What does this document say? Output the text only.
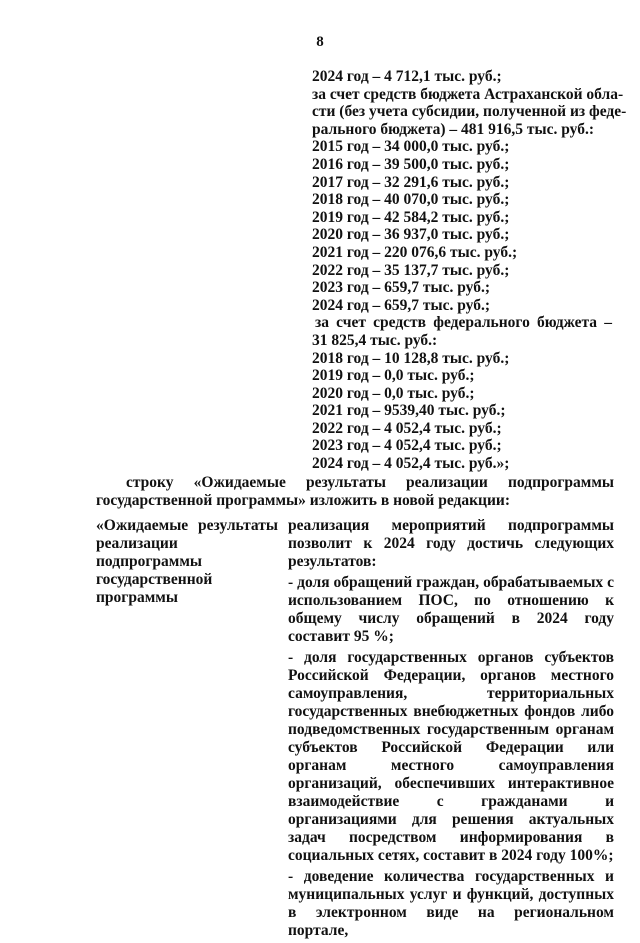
8
2024 год – 4 712,1 тыс. руб.;
за счет средств бюджета Астраханской обла-
сти (без учета субсидии, полученной из феде-
рального бюджета) – 481 916,5 тыс. руб.:
2015 год – 34 000,0 тыс. руб.;
2016 год – 39 500,0 тыс. руб.;
2017 год – 32 291,6 тыс. руб.;
2018 год – 40 070,0 тыс. руб.;
2019 год – 42 584,2 тыс. руб.;
2020 год – 36 937,0 тыс. руб.;
2021 год – 220 076,6 тыс. руб.;
2022 год – 35 137,7 тыс. руб.;
2023 год – 659,7 тыс. руб.;
2024 год – 659,7 тыс. руб.;
за счет средств федерального бюджета –
31 825,4 тыс. руб.:
2018 год – 10 128,8 тыс. руб.;
2019 год – 0,0 тыс. руб.;
2020 год – 0,0 тыс. руб.;
2021 год – 9539,40 тыс. руб.;
2022 год – 4 052,4 тыс. руб.;
2023 год – 4 052,4 тыс. руб.;
2024 год – 4 052,4 тыс. руб.»;
строку «Ожидаемые результаты реализации подпрограммы государственной программы» изложить в новой редакции:
«Ожидаемые результаты реализации подпрограммы государственной программы

реализация мероприятий подпрограммы позволит к 2024 году достичь следующих результатов:

- доля обращений граждан, обрабатываемых с использованием ПОС, по отношению к общему числу обращений в 2024 году составит 95 %;

- доля государственных органов субъектов Российской Федерации, органов местного самоуправления, территориальных государственных внебюджетных фондов либо подведомственных государственным органам субъектов Российской Федерации или органам местного самоуправления организаций, обеспечивших интерактивное взаимодействие с гражданами и организациями для решения актуальных задач посредством информирования в социальных сетях, составит в 2024 году 100%;

- доведение количества государственных и муниципальных услуг и функций, доступных в электронном виде на региональном портале,
